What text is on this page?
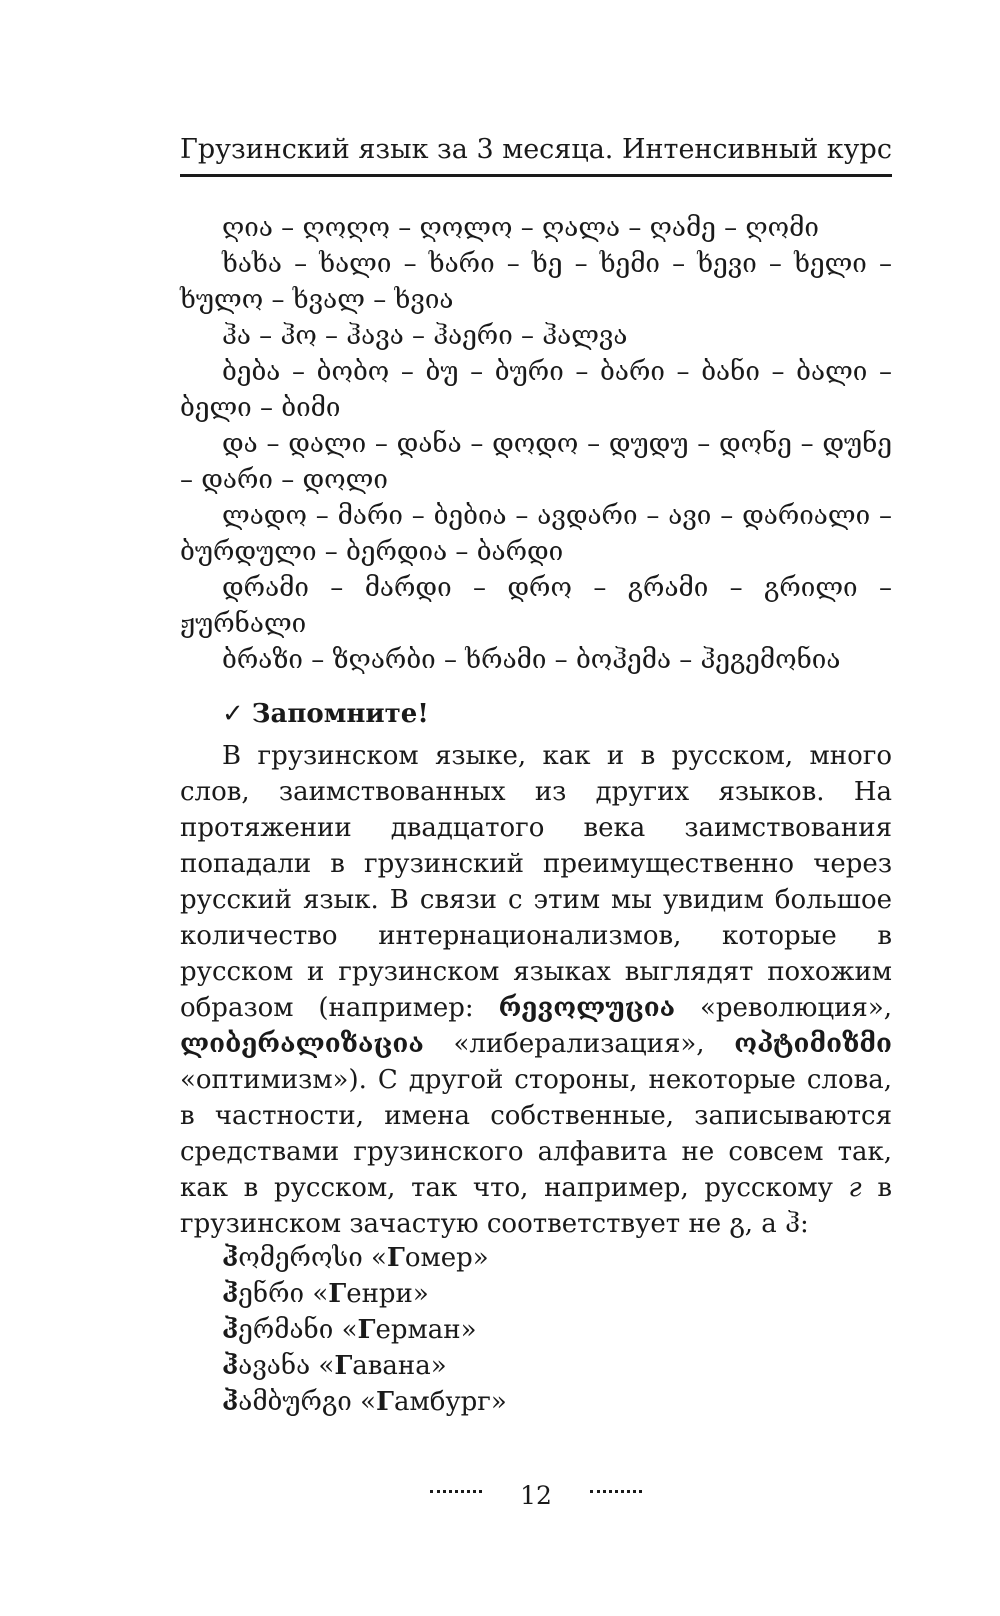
Грузинский язык за 3 месяца. Интенсивный курс

ღია – ღოღო – ღოლო – ღალა – ღამე – ღომი

ხახა – ხალი – ხარი – ხე – ხემი – ხევი – ხელი – ხულო – ხვალ – ხვია

ჰა – ჰო – ჰავა – ჰაერი – ჰალვა

ბება – ბობო – ბუ – ბური – ბარი – ბანი – ბალი – ბელი – ბიმი

და – დალი – დანა – დოდო – დუდუ – დონე – დუნე – დარი – დოლი

ლადო – მარი – ბებია – ავდარი – ავი – დარიალი – ბურდული – ბერდია – ბარდი

დრამი – მარდი – დრო – გრამი – გრილი – ჟურნალი

ბრაზი – ზღარბი – ხრამი – ბოჰემა – ჰეგემონია

✓ Запомните!

В грузинском языке, как и в русском, много слов, заимствованных из других языков. На протяжении двадцатого века заимствования попадали в грузинский преимущественно через русский язык. В связи с этим мы увидим большое количество интернационализмов, которые в русском и грузинском языках выглядят похожим образом (например: რევოლუცია «революция», ლიბერალიზაცია «либерализация», ოპტიმიზმი «оптимизм»). С другой стороны, некоторые слова, в частности, имена собственные, записываются средствами грузинского алфавита не совсем так, как в русском, так что, например, русскому г в грузинском зачастую соответствует не გ, а ჰ:

ჰომეროსი «Гомер»
ჰენრი «Генри»
ჰერმანი «Герман»
ჰავანა «Гавана»
ჰამბურგი «Гамбург»
12
